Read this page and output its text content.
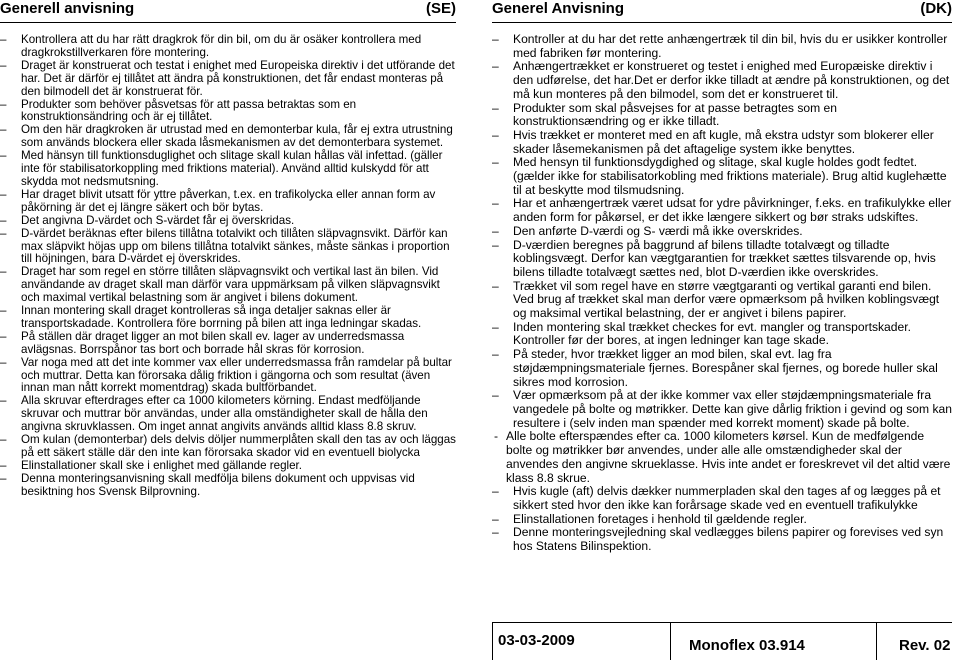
Generell anvisning	(SE)
– Kontrollera att du har rätt dragkrok för din bil, om du är osäker kontrollera med dragkrokstillverkaren före montering.
– Draget är konstruerat och testat i enighet med Europeiska direktiv i det utförande det har. Det är därför ej tillåtet att ändra på konstruktionen, det får endast monteras på den bilmodell det är konstruerat för.
– Produkter som behöver påsvetsas för att passa betraktas som en konstruktionsändring och är ej tillåtet.
– Om den här dragkroken är utrustad med en demonterbar kula, får ej extra utrustning som används blockera eller skada låsmekanismen av det demonterbara systemet.
– Med hänsyn till funktionsduglighet och slitage skall kulan hållas väl infettad. (gäller inte för stabilisatorkoppling med friktions material). Använd alltid kulskydd för att skydda mot nedsmutsning.
– Har draget blivit utsatt för yttre påverkan, t.ex. en trafikolycka eller annan form av påkörning är det ej längre säkert och bör bytas.
– Det angivna D-värdet och S-värdet får ej överskridas.
– D-värdet beräknas efter bilens tillåtna totalvikt och tillåten släpvagnsvikt. Därför kan max släpvikt höjas upp om bilens tillåtna totalvikt sänkes, måste sänkas i proportion till höjningen, bara D-värdet ej överskrides.
– Draget har som regel en större tillåten släpvagnsvikt och vertikal last än bilen. Vid användande av draget skall man därför vara uppmärksam på vilken släpvagnsvikt och maximal vertikal belastning som är angivet i bilens dokument.
– Innan montering skall draget kontrolleras så inga detaljer saknas eller är transportskadade. Kontrollera före borrning på bilen att inga ledningar skadas.
– På ställen där draget ligger an mot bilen skall ev. lager av underredsmassa avlägsnas. Borrspånor tas bort och borrade hål skras för korrosion.
– Var noga med att det inte kommer vax eller underredsmassa från ramdelar på bultar och muttrar. Detta kan förorsaka dålig friktion i gängorna och som resultat (även innan man nått korrekt momentdrag) skada bultförbandet.
– Alla skruvar efterdrages efter ca 1000 kilometers körning. Endast medföljande skruvar och muttrar bör användas, under alla omständigheter skall de hålla den angivna skruvklassen. Om inget annat angivits används alltid klass 8.8 skruv.
– Om kulan (demonterbar) dels delvis döljer nummerplåten skall den tas av och läggas på ett säkert ställe där den inte kan förorsaka skador vid en eventuell biolycka
– Elinstallationer skall ske i enlighet med gällande regler.
– Denna monteringsanvisning skall medfölja bilens dokument och uppvisas vid besiktning hos Svensk Bilprovning.
Generel Anvisning	(DK)
– Kontroller at du har det rette anhængertræk til din bil, hvis du er usikker kontroller med fabriken før montering.
– Anhængertrækket er konstrueret og testet i enighed med Europæiske direktiv i den udførelse, det har.Det er derfor ikke tilladt at ændre på konstruktionen, og det må kun monteres på den bilmodel, som det er konstrueret til.
– Produkter som skal påsvejses for at passe betragtes som en konstruktionsændring og er ikke tilladt.
– Hvis trækket er monteret med en aft kugle, må ekstra udstyr som blokerer eller skader låsemekanismen på det aftagelige system ikke benyttes.
– Med hensyn til funktionsdygdighed og slitage, skal kugle holdes godt fedtet. (gælder ikke for stabilisatorkobling med friktions materiale). Brug altid kuglehætte til at beskytte mod tilsmudsning.
– Har et anhængertræk været udsat for ydre påvirkninger, f.eks. en trafikulykke eller anden form for påkørsel, er det ikke længere sikkert og bør straks udskiftes.
– Den anførte D-værdi og S- værdi må ikke overskrides.
– D-værdien beregnes på baggrund af bilens tilladte totalvægt og tilladte koblingsvægt. Derfor kan vægtgarantien for trækket sættes tilsvarende op, hvis bilens tilladte totalvægt sættes ned, blot D-værdien ikke overskrides.
– Trækket vil som regel have en større vægtgaranti og vertikal garanti end bilen. Ved brug af trækket skal man derfor være opmærksom på hvilken koblingsvægt og maksimal vertikal belastning, der er angivet i bilens papirer.
– Inden montering skal trækket checkes for evt. mangler og transportskader. Kontroller før der bores, at ingen ledninger kan tage skade.
– På steder, hvor trækket ligger an mod bilen, skal evt. lag fra støjdæmpningsmateriale fjernes. Borespåner skal fjernes, og borede huller skal sikres mod korrosion.
– Vær opmærksom på at der ikke kommer vax eller støjdæmpningsmateriale fra vangedele på bolte og møtrikker. Dette kan give dårlig friktion i gevind og som kan resultere i (selv inden man spænder med korrekt moment) skade på bolte.
- Alle bolte efterspændes efter ca. 1000 kilometers kørsel. Kun de medfølgende bolte og møtrikker bør anvendes, under alle alle omstændigheder skal der anvendes den angivne skrueklasse. Hvis inte andet er foreskrevet vil det altid være klass 8.8 skrue.
– Hvis kugle (aft) delvis dækker nummerpladen skal den tages af og lægges på et sikkert sted hvor den ikke kan forårsage skade ved en eventuell trafikulykke
– Elinstallationen foretages i henhold til gældende regler.
– Denne monteringsvejledning skal vedlægges bilens papirer og forevises ved syn hos Statens Bilinspektion.
03-03-2009	Monoflex 03.914	Rev. 02
